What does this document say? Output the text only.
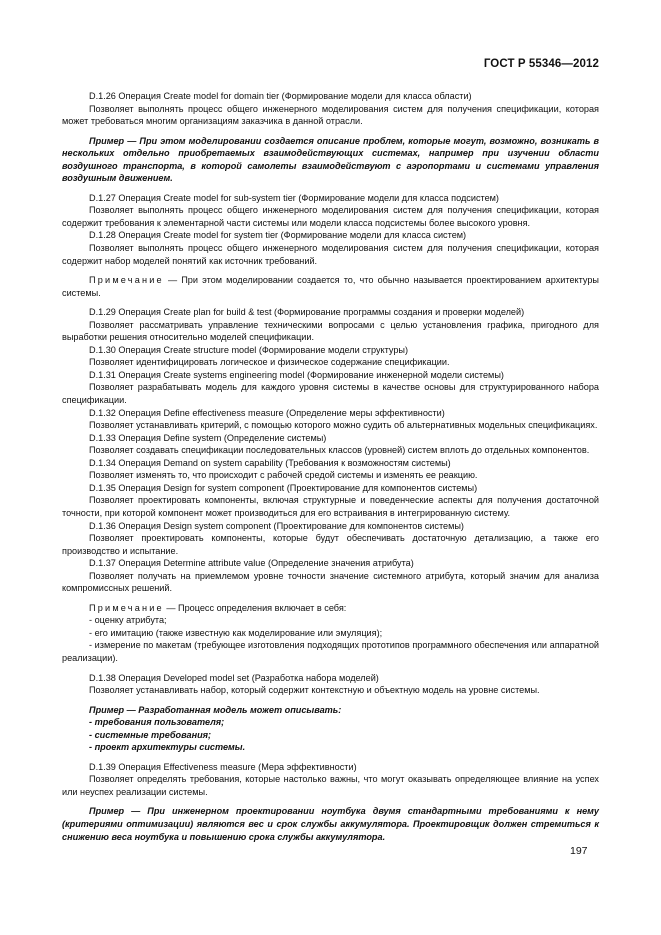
ГОСТ Р 55346—2012

D.1.26 Операция Create model for domain tier (Формирование модели для класса области)

Позволяет выполнять процесс общего инженерного моделирования систем для получения спецификации, которая может требоваться многим организациям заказчика в данной отрасли.

Пример — При этом моделировании создается описание проблем, которые могут, возможно, возникать в нескольких отдельно приобретаемых взаимодействующих системах, например при изучении области воздушного транспорта, в которой самолеты взаимодействуют с аэропортами и системами управления воздушным движением.

D.1.27 Операция Create model for sub-system tier (Формирование модели для класса подсистем)

Позволяет выполнять процесс общего инженерного моделирования систем для получения спецификации, которая содержит требования к элементарной части системы или модели класса подсистемы более высокого уровня.

D.1.28 Операция Create model for system tier (Формирование модели для класса систем)

Позволяет выполнять процесс общего инженерного моделирования систем для получения спецификации, которая содержит набор моделей понятий как источник требований.

Примечание — При этом моделировании создается то, что обычно называется проектированием архитектуры системы.

D.1.29 Операция Create plan for build & test (Формирование программы создания и проверки моделей)

Позволяет рассматривать управление техническими вопросами с целью установления графика, пригодного для выработки решения относительно моделей спецификации.

D.1.30 Операция Create structure model (Формирование модели структуры)

Позволяет идентифицировать логическое и физическое содержание спецификации.

D.1.31 Операция Create systems engineering model (Формирование инженерной модели системы)

Позволяет разрабатывать модель для каждого уровня системы в качестве основы для структурированного набора спецификации.

D.1.32 Операция Define effectiveness measure (Определение меры эффективности)

Позволяет устанавливать критерий, с помощью которого можно судить об альтернативных модельных спецификациях.

D.1.33 Операция Define system (Определение системы)

Позволяет создавать спецификации последовательных классов (уровней) систем вплоть до отдельных компонентов.

D.1.34 Операция Demand on system capability (Требования к возможностям системы)

Позволяет изменять то, что происходит с рабочей средой системы и изменять ее реакцию.

D.1.35 Операция Design for system component (Проектирование для компонентов системы)

Позволяет проектировать компоненты, включая структурные и поведенческие аспекты для получения достаточной точности, при которой компонент может производиться для его встраивания в интегрированную систему.

D.1.36 Операция Design system component (Проектирование для компонентов системы)

Позволяет проектировать компоненты, которые будут обеспечивать достаточную детализацию, а также его производство и испытание.

D.1.37 Операция Determine attribute value (Определение значения атрибута)

Позволяет получать на приемлемом уровне точности значение системного атрибута, который значим для анализа компромиссных решений.

Примечание — Процесс определения включает в себя:

- оценку атрибута;

- его имитацию (также известную как моделирование или эмуляция);

- измерение по макетам (требующее изготовления подходящих прототипов программного обеспечения или аппаратной реализации).

D.1.38 Операция Developed model set (Разработка набора моделей)

Позволяет устанавливать набор, который содержит контекстную и объектную модель на уровне системы.

Пример — Разработанная модель может описывать:

- требования пользователя;

- системные требования;

- проект архитектуры системы.

D.1.39 Операция Effectiveness measure (Мера эффективности)

Позволяет определять требования, которые настолько важны, что могут оказывать определяющее влияние на успех или неуспех реализации системы.

Пример — При инженерном проектировании ноутбука двумя стандартными требованиями к нему (критериями оптимизации) являются вес и срок службы аккумулятора. Проектировщик должен стремиться к снижению веса ноутбука и повышению срока службы аккумулятора.

197
